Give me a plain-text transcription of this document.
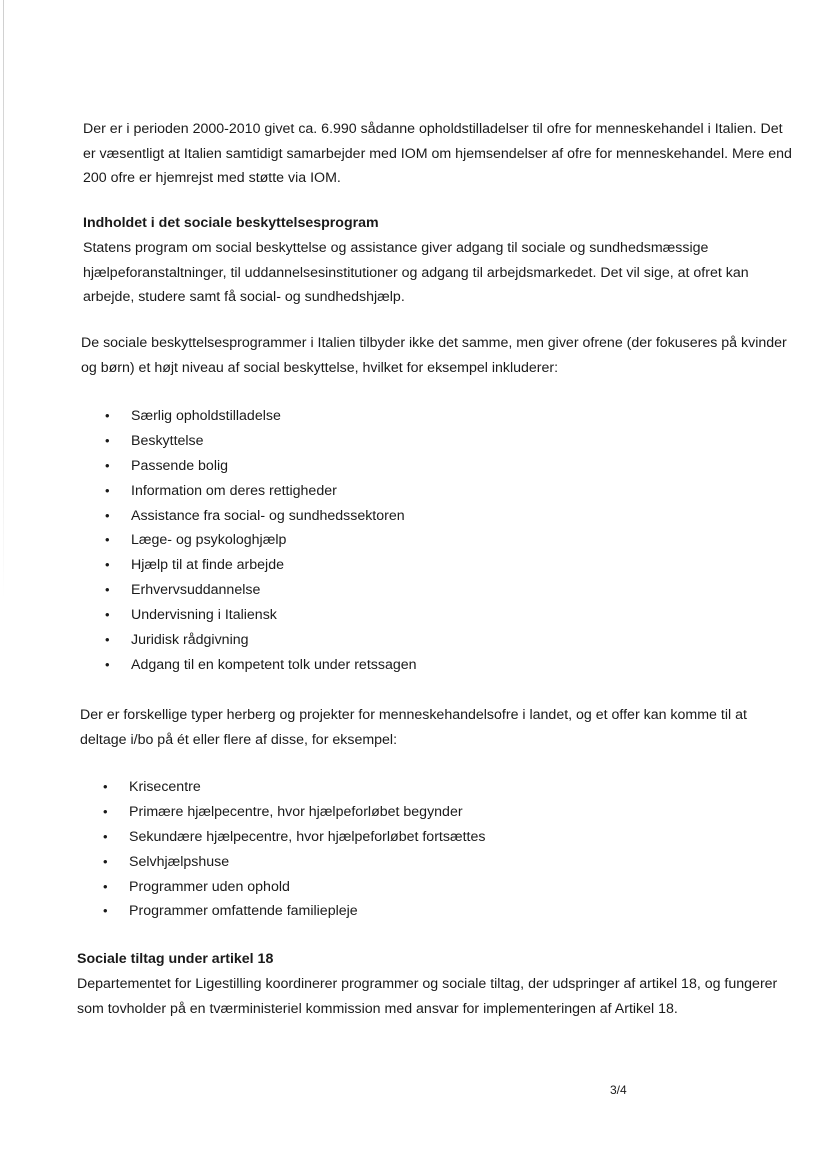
Der er i perioden 2000-2010 givet ca. 6.990 sådanne opholdstilladelser til ofre for menneskehandel i Italien. Det
er væsentligt at Italien samtidigt samarbejder med IOM om hjemsendelser af ofre for menneskehandel. Mere end
200 ofre er hjemrejst med støtte via IOM.

Indholdet i det sociale beskyttelsesprogram

Statens program om social beskyttelse og assistance giver adgang til sociale og sundhedsmæssige
hjælpeforanstaltninger, til uddannelsesinstitutioner og adgang til arbejdsmarkedet. Det vil sige, at ofret kan
arbejde, studere samt få social- og sundhedshjælp.

De sociale beskyttelsesprogrammer i Italien tilbyder ikke det samme, men giver ofrene (der fokuseres på kvinder
og børn) et højt niveau af social beskyttelse, hvilket for eksempel inkluderer:

• Særlig opholdstilladelse
• Beskyttelse
• Passende bolig
• Information om deres rettigheder
• Assistance fra social- og sundhedssektoren
• Læge- og psykologhjælp
• Hjælp til at finde arbejde
• Erhvervsuddannelse
• Undervisning i Italiensk
• Juridisk rådgivning
• Adgang til en kompetent tolk under retssagen

Der er forskellige typer herberg og projekter for menneskehandelsofre i landet, og et offer kan komme til at
deltage i/bo på ét eller flere af disse, for eksempel:

• Krisecentre
• Primære hjælpecentre, hvor hjælpeforløbet begynder
• Sekundære hjælpecentre, hvor hjælpeforløbet fortsættes
• Selvhjælpshuse
• Programmer uden ophold
• Programmer omfattende familiepleje
Sociale tiltag under artikel 18

Departementet for Ligestilling koordinerer programmer og sociale tiltag, der udspringer af artikel 18, og fungerer
som tovholder på en tværministeriel kommission med ansvar for implementeringen af Artikel 18.

3/4
